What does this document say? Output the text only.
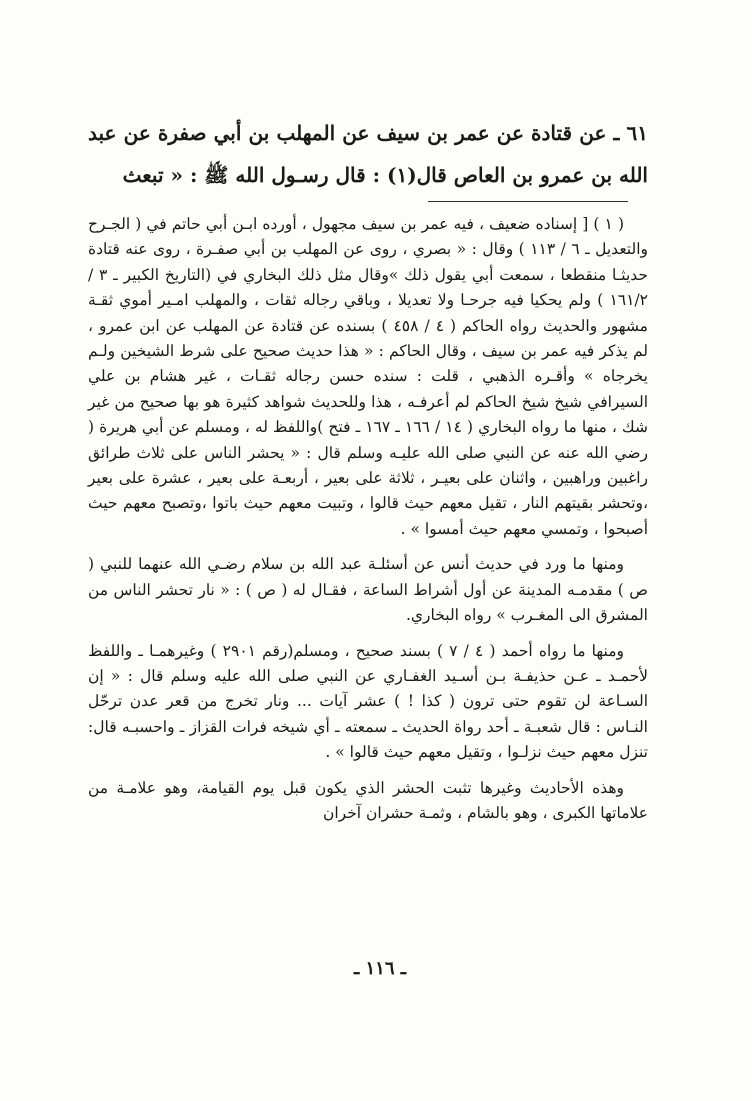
٦١ ـ عن قتادة عن عمر بن سيف عن المهلب بن أبي صفرة عن عبد الله بن عمرو بن العاص قال(١) : قال رسـول الله ﷺ : « تبعث

( ١ ) [ إسناده ضعيف ، فيه عمر بن سيف مجهول ، أورده ابـن أبي حاتم في ( الجـرح والتعديل ـ ٦ / ١١٣ ) وقال : « بصري ، روى عن المهلب بن أبي صفـرة ، روى عنه قتادة حديثـا منقطعا ، سمعت أبي يقول ذلك »وقال مثل ذلك البخاري في (التاريخ الكبير ـ ٣ /١٦١/٢ ) ولم يحكيا فيه جرحـا ولا تعديلا ، وباقي رجاله ثقات ، والمهلب امـير أموي ثقـة مشهور والحديث رواه الحاكم ( ٤ / ٤٥٨ ) بسنده عن قتادة عن المهلب عن ابن عمرو ، لم يذكر فيه عمر بن سيف ، وقال الحاكم : « هذا حديث صحيح على شرط الشيخين ولـم يخرجاه » وأقـره الذهبي ، قلت : سنده حسن رجاله ثقـات ، غير هشام بن علي السيرافي شيخ شيخ الحاكم لم أعرفـه ، هذا وللحديث شواهد كثيرة هو بها صحيح من غير شك ، منها ما رواه البخاري ( ١٤ / ١٦٦ ـ ١٦٧ ـ فتح )واللفظ له ، ومسلم عن أبي هريرة ( رضي الله عنه عن النبي صلى الله عليـه وسلم قال : « يحشر الناس على ثلاث طرائق راغبين وراهبين ، واثنان على بعيـر ، ثلاثة على بعير ، أربعـة على بعير ، عشرة على بعير ،وتحشر بقيتهم النار ، تقيل معهم حيث قالوا ، وتبيت معهم حيث باتوا ،وتصبح معهم حيث أصبحوا ، وتمسي معهم حيث أمسوا » .

ومنها ما ورد في حديث أنس عن أسئلـة عبد الله بن سلام رضـي الله عنهما للنبي ( ص ) مقدمـه المدينة عن أول أشراط الساعة ، فقـال له ( ص ) : « نار تحشر الناس من المشرق الى المغـرب » رواه البخاري.

ومنها ما رواه أحمد ( ٤ / ٧ ) بسند صحيح ، ومسلم(رقم ٢٩٠١ ) وغيرهمـا ـ واللفظ لأحمـد ـ عـن حذيفـة بـن أسـيد الغفـاري عن النبي صلى الله عليه وسلم قال : « إن السـاعة لن تقوم حتى ترون ( كذا ! ) عشر آيات ... ونار تخرج من قعر عدن ترحّل النـاس : قال شعبـة ـ أحد رواة الحديث ـ سمعته ـ أي شيخه فرات القزاز ـ واحسبـه قال: تنزل معهم حيث نزلـوا ، وتقيل معهم حيث قالوا » .

وهذه الأحاديث وغيرها تثبت الحشر الذي يكون قبل يوم القيامة، وهو علامـة من علاماتها الكبرى ، وهو بالشام ، وثمـة حشران آخران

ـ ١١٦ ـ
